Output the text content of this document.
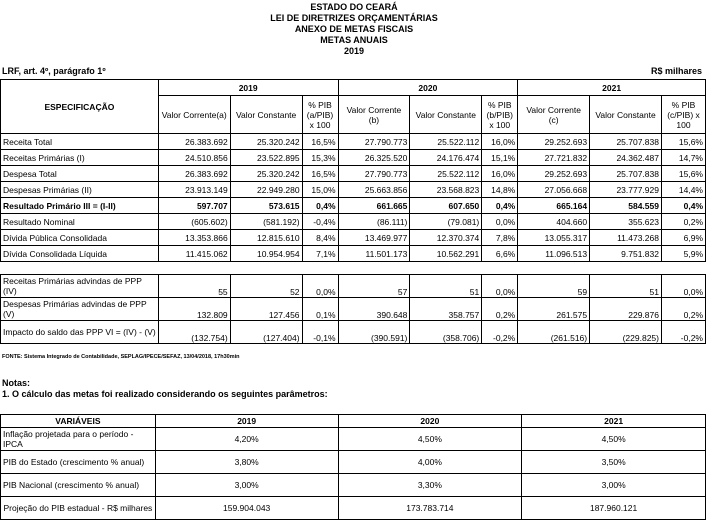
ESTADO DO CEARÁ
LEI DE DIRETRIZES ORÇAMENTÁRIAS
ANEXO DE METAS FISCAIS
METAS ANUAIS
2019
LRF, art. 4º, parágrafo 1º	R$ milhares
ESPECIFICAÇÃO	2019			2020			2021		
	Valor Corrente(a)	Valor Constante	% PIB (a/PIB) x 100	Valor Corrente (b)	Valor Constante	% PIB (b/PIB) x 100	Valor Corrente (c)	Valor Constante	% PIB (c/PIB) x 100
Receita Total	26.383.692	25.320.242	16,5%	27.790.773	25.522.112	16,0%	29.252.693	25.707.838	15,6%
Receitas Primárias (I)	24.510.856	23.522.895	15,3%	26.325.520	24.176.474	15,1%	27.721.832	24.362.487	14,7%
Despesa Total	26.383.692	25.320.242	16,5%	27.790.773	25.522.112	16,0%	29.252.693	25.707.838	15,6%
Despesas Primárias (II)	23.913.149	22.949.280	15,0%	25.663.856	23.568.823	14,8%	27.056.668	23.777.929	14,4%
Resultado Primário III = (I-II)	597.707	573.615	0,4%	661.665	607.650	0,4%	665.164	584.559	0,4%
Resultado Nominal	(605.602)	(581.192)	-0,4%	(86.111)	(79.081)	0,0%	404.660	355.623	0,2%
Dívida Pública Consolidada	13.353.866	12.815.610	8,4%	13.469.977	12.370.374	7,8%	13.055.317	11.473.268	6,9%
Dívida Consolidada Líquida	11.415.062	10.954.954	7,1%	11.501.173	10.562.291	6,6%	11.096.513	9.751.832	5,9%

Receitas Primárias advindas de PPP (IV)	55	52	0,0%	57	51	0,0%	59	51	0,0%
Despesas Primárias advindas de PPP (V)	132.809	127.456	0,1%	390.648	358.757	0,2%	261.575	229.876	0,2%
Impacto do saldo das PPP VI = (IV) - (V)	(132.754)	(127.404)	-0,1%	(390.591)	(358.706)	-0,2%	(261.516)	(229.825)	-0,2%
FONTE: Sistema Integrado de Contabilidade, SEPLAG/IPECE/SEFAZ, 13/04/2018, 17h30min
Notas:
1. O cálculo das metas foi realizado considerando os seguintes parâmetros:
VARIÁVEIS	2019	2020	2021
Inflação projetada para o período - IPCA	4,20%	4,50%	4,50%
PIB do Estado (crescimento % anual)	3,80%	4,00%	3,50%
PIB Nacional (crescimento % anual)	3,00%	3,30%	3,00%
Projeção do PIB estadual - R$ milhares	159.904.043	173.783.714	187.960.121
